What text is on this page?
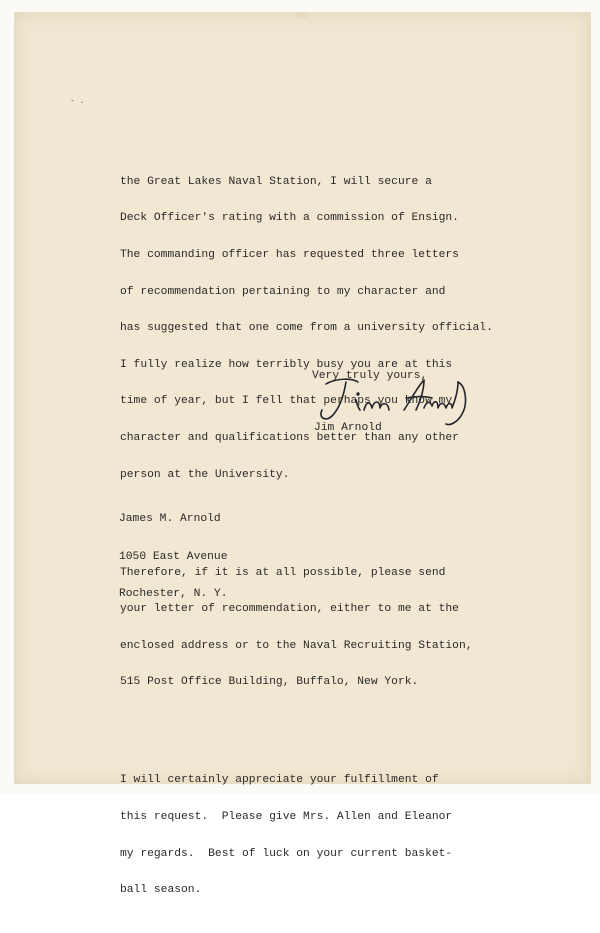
- .

the Great Lakes Naval Station, I will secure a

Deck Officer's rating with a commission of Ensign.

The commanding officer has requested three letters

of recommendation pertaining to my character and

has suggested that one come from a university official.

I fully realize how terribly busy you are at this

time of year, but I fell that perhaps you know my

character and qualifications better than any other

person at the University.

Therefore, if it is at all possible, please send

your letter of recommendation, either to me at the

enclosed address or to the Naval Recruiting Station,

515 Post Office Building, Buffalo, New York.

I will certainly appreciate your fulfillment of

this request.  Please give Mrs. Allen and Eleanor

my regards.  Best of luck on your current basket-

ball season.

Very truly yours,
Jim Arnold

James M. Arnold

1050 East Avenue

Rochester, N. Y.
